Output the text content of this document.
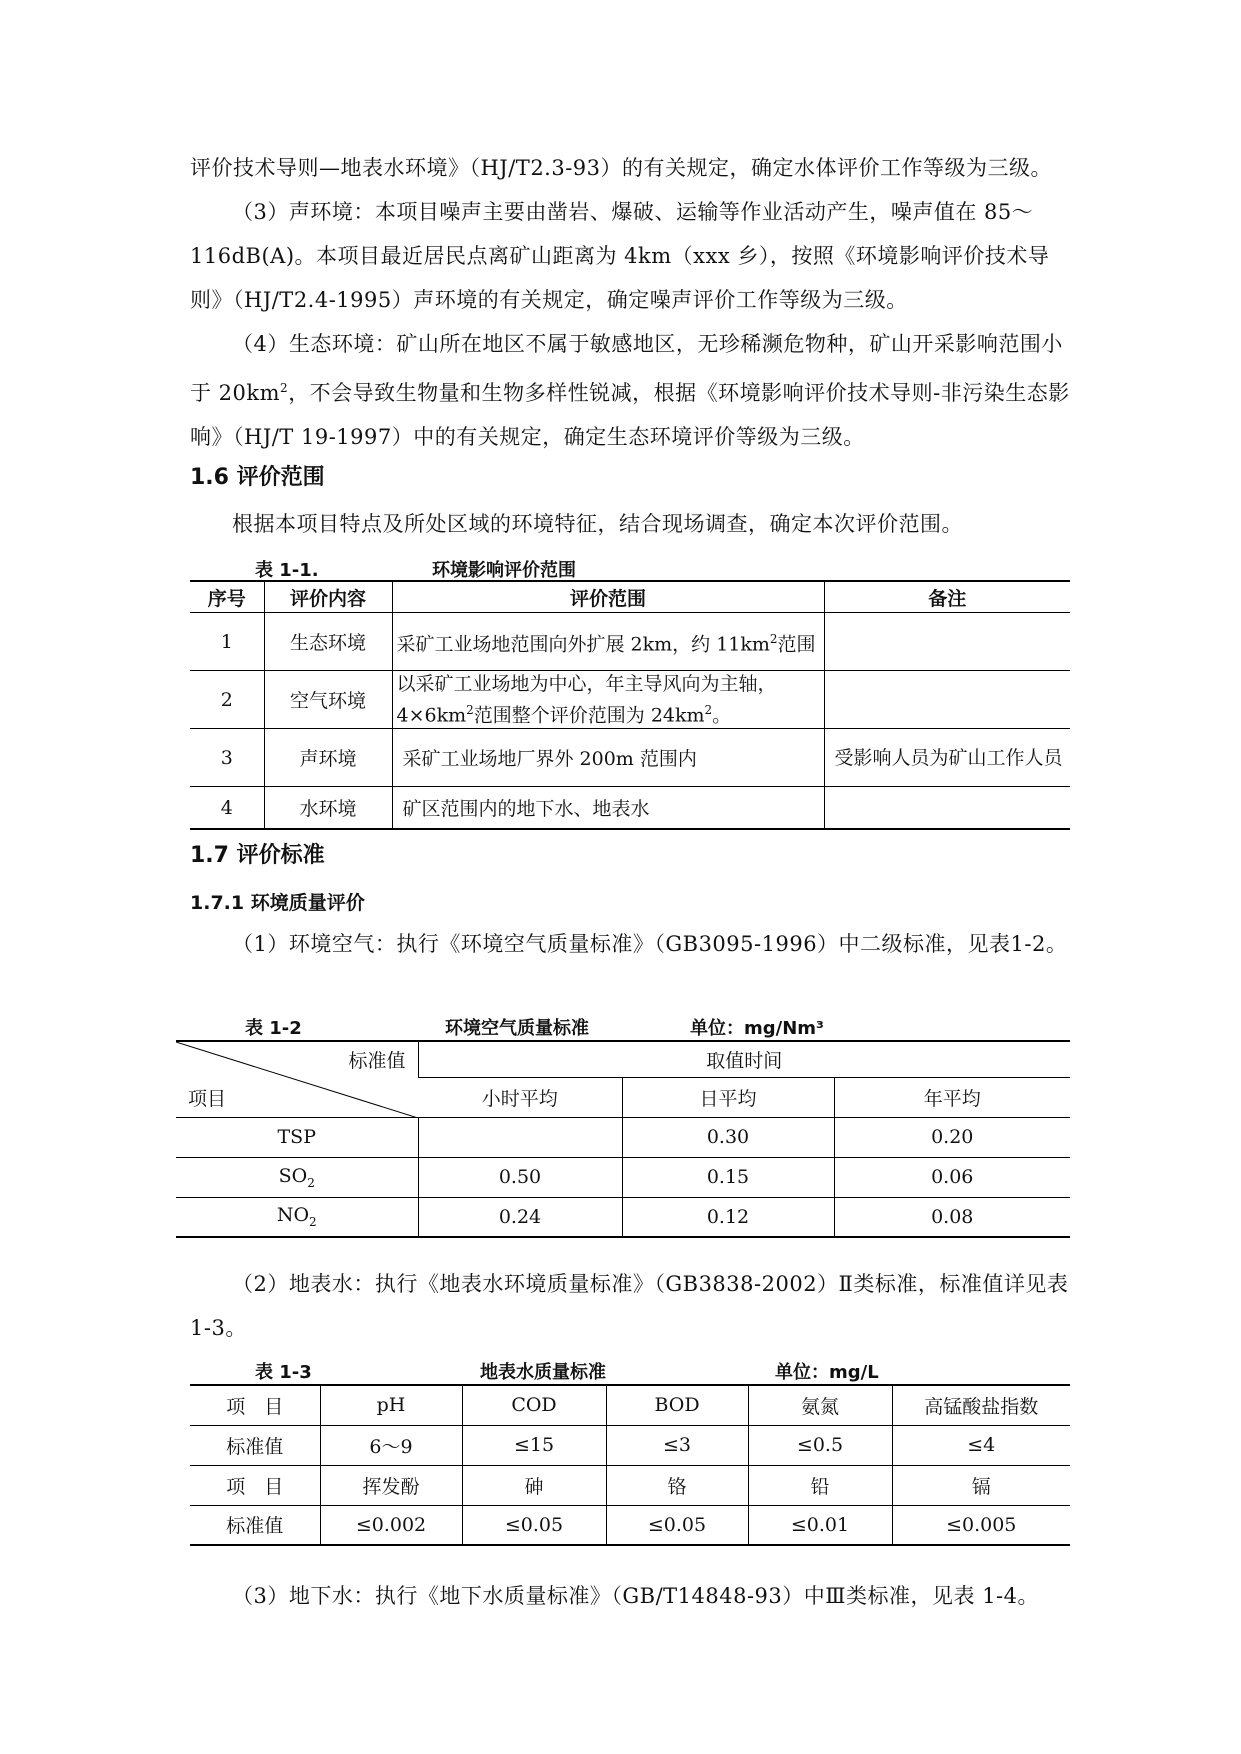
评价技术导则—地表水环境》（HJ/T2.3-93）的有关规定，确定水体评价工作等级为三级。

（3）声环境：本项目噪声主要由凿岩、爆破、运输等作业活动产生，噪声值在 85～116dB(A)。本项目最近居民点离矿山距离为 4km（xxx 乡），按照《环境影响评价技术导则》（HJ/T2.4-1995）声环境的有关规定，确定噪声评价工作等级为三级。

（4）生态环境：矿山所在地区不属于敏感地区，无珍稀濒危物种，矿山开采影响范围小于 $20km^2$，不会导致生物量和生物多样性锐减，根据《环境影响评价技术导则-非污染生态影响》（HJ/T 19-1997）中的有关规定，确定生态环境评价等级为三级。

1.6 评价范围

根据本项目特点及所处区域的环境特征，结合现场调查，确定本次评价范围。

表 1-1.	环境影响评价范围
序号	评价内容	评价范围	备注
1	生态环境	采矿工业场地范围向外扩展 2km，约 $11km^2$范围	
2	空气环境	以采矿工业场地为中心，年主导风向为主轴，$4\times 6km^2$范围整个评价范围为 $24km^2$。	
3	声环境	采矿工业场地厂界外 200m 范围内	受影响人员为矿山工作人员
4	水环境	矿区范围内的地下水、地表水	
1.7 评价标准
1.7.1 环境质量评价

（1）环境空气：执行《环境空气质量标准》（GB3095-1996）中二级标准，见表1-2。

表 1-2	环境空气质量标准	单位：mg/Nm³
标准值
项目	取值时间		
	小时平均	日平均	年平均
TSP		0.30	0.20
$SO_2$	0.50	0.15	0.06
$NO_2$	0.24	0.12	0.08

（2）地表水：执行《地表水环境质量标准》（GB3838-2002）Ⅱ类标准，标准值详见表 1-3。

表 1-3	地表水质量标准	单位：mg/L
项　目	pH	COD	BOD	氨氮	高锰酸盐指数
标准值	6～9	≤15	≤3	≤0.5	≤4
项　目	挥发酚	砷	铬	铅	镉
标准值	≤0.002	≤0.05	≤0.05	≤0.01	≤0.005

（3）地下水：执行《地下水质量标准》（GB/T14848-93）中Ⅲ类标准，见表 1-4。
